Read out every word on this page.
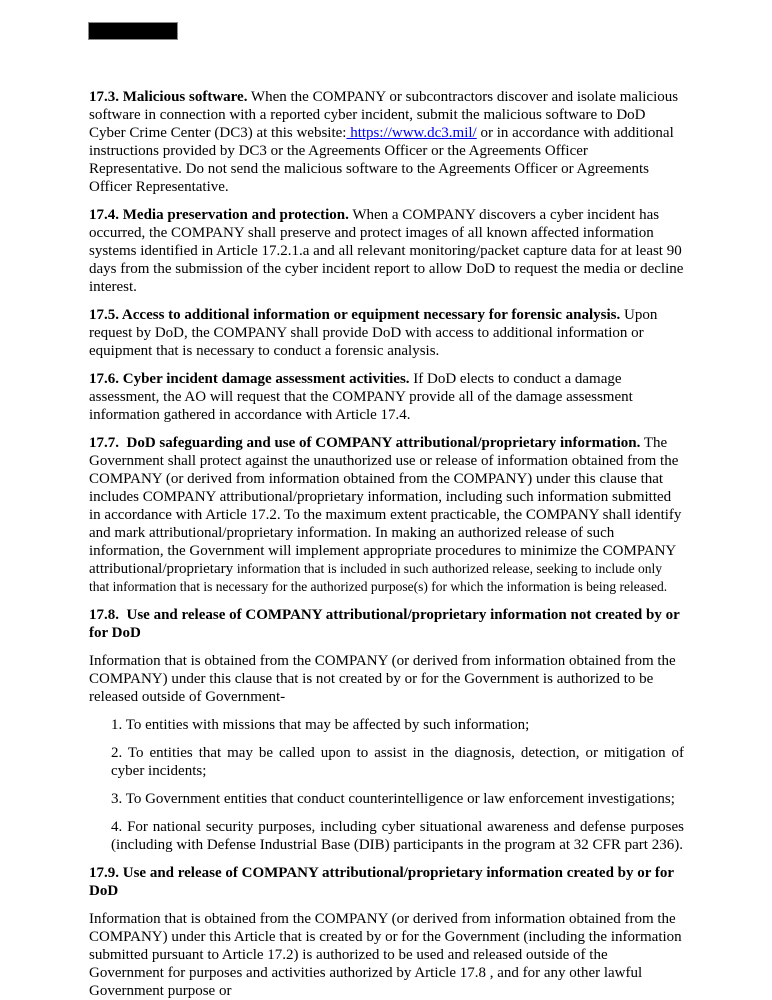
17.3. Malicious software. When the COMPANY or subcontractors discover and isolate malicious software in connection with a reported cyber incident, submit the malicious software to DoD Cyber Crime Center (DC3) at this website: https://www.dc3.mil/ or in accordance with additional instructions provided by DC3 or the Agreements Officer or the Agreements Officer Representative. Do not send the malicious software to the Agreements Officer or Agreements Officer Representative.

17.4. Media preservation and protection. When a COMPANY discovers a cyber incident has occurred, the COMPANY shall preserve and protect images of all known affected information systems identified in Article 17.2.1.a and all relevant monitoring/packet capture data for at least 90 days from the submission of the cyber incident report to allow DoD to request the media or decline interest.

17.5. Access to additional information or equipment necessary for forensic analysis. Upon request by DoD, the COMPANY shall provide DoD with access to additional information or equipment that is necessary to conduct a forensic analysis.

17.6. Cyber incident damage assessment activities. If DoD elects to conduct a damage assessment, the AO will request that the COMPANY provide all of the damage assessment information gathered in accordance with Article 17.4.

17.7.  DoD safeguarding and use of COMPANY attributional/proprietary information. The Government shall protect against the unauthorized use or release of information obtained from the COMPANY (or derived from information obtained from the COMPANY) under this clause that includes COMPANY attributional/proprietary information, including such information submitted in accordance with Article 17.2. To the maximum extent practicable, the COMPANY shall identify and mark attributional/proprietary information. In making an authorized release of such information, the Government will implement appropriate procedures to minimize the COMPANY attributional/proprietary information that is included in such authorized release, seeking to include only that information that is necessary for the authorized purpose(s) for which the information is being released.

17.8.  Use and release of COMPANY attributional/proprietary information not created by or for DoD

Information that is obtained from the COMPANY (or derived from information obtained from the COMPANY) under this clause that is not created by or for the Government is authorized to be released outside of Government-

1. To entities with missions that may be affected by such information;

2. To entities that may be called upon to assist in the diagnosis, detection, or mitigation of cyber incidents;

3. To Government entities that conduct counterintelligence or law enforcement investigations;

4. For national security purposes, including cyber situational awareness and defense purposes (including with Defense Industrial Base (DIB) participants in the program at 32 CFR part 236).

17.9. Use and release of COMPANY attributional/proprietary information created by or for DoD

Information that is obtained from the COMPANY (or derived from information obtained from the COMPANY) under this Article that is created by or for the Government (including the information submitted pursuant to Article 17.2) is authorized to be used and released outside of the Government for purposes and activities authorized by Article 17.8 , and for any other lawful Government purpose or
